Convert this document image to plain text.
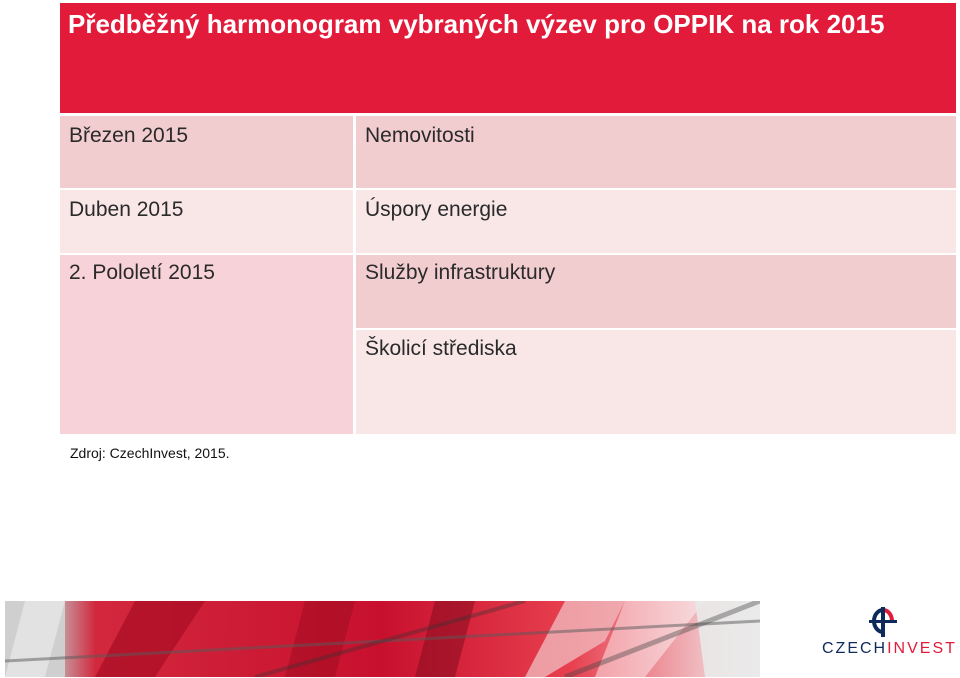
Předběžný harmonogram vybraných výzev pro OPPIK na rok 2015
Březen 2015	Nemovitosti
Duben 2015	Úspory energie
2. Pololetí 2015	Služby infrastruktury
Školicí střediska
Zdroj: CzechInvest, 2015.
CZECHINVEST
